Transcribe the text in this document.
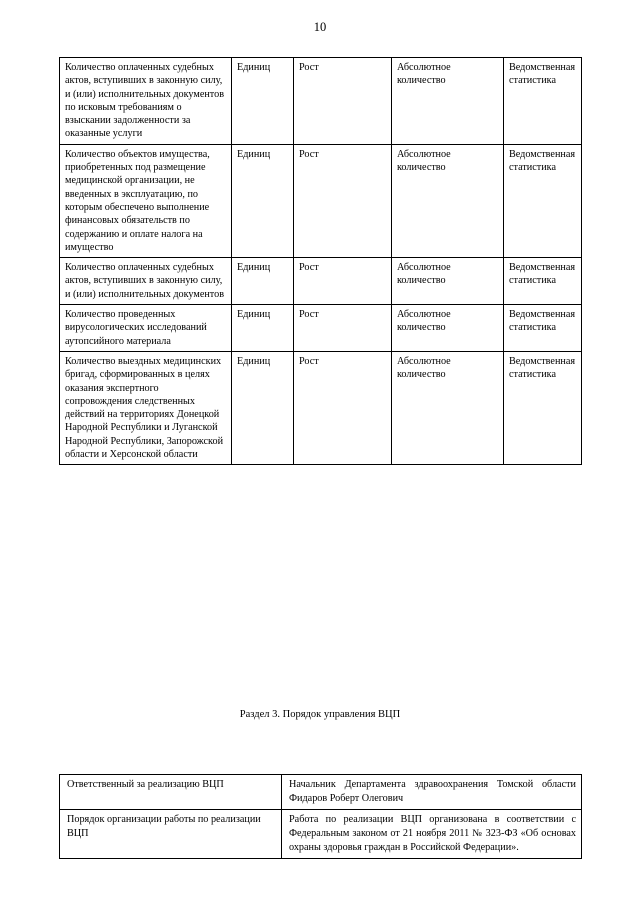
10
Количество оплаченных судебных актов, вступивших в законную силу, и (или) исполнительных документов по исковым требованиям о взыскании задолженности за оказанные услуги	Единиц	Рост	Абсолютное количество	Ведомственная статистика
Количество объектов имущества, приобретенных под размещение медицинской организации, не введенных в эксплуатацию, по которым обеспечено выполнение финансовых обязательств по содержанию и оплате налога на имущество	Единиц	Рост	Абсолютное количество	Ведомственная статистика
Количество оплаченных судебных актов, вступивших в законную силу, и (или) исполнительных документов	Единиц	Рост	Абсолютное количество	Ведомственная статистика
Количество проведенных вирусологических исследований аутопсийного материала	Единиц	Рост	Абсолютное количество	Ведомственная статистика
Количество выездных медицинских бригад, сформированных в целях оказания экспертного сопровождения следственных действий на территориях Донецкой Народной Республики и Луганской Народной Республики, Запорожской области и Херсонской области	Единиц	Рост	Абсолютное количество	Ведомственная статистика
Раздел 3. Порядок управления ВЦП
Ответственный за реализацию ВЦП	Начальник Департамента здравоохранения Томской области Фидаров Роберт Олегович
Порядок организации работы по реализации ВЦП	Работа по реализации ВЦП организована в соответствии с Федеральным законом от 21 ноября 2011 № 323-ФЗ «Об основах охраны здоровья граждан в Российской Федерации».
